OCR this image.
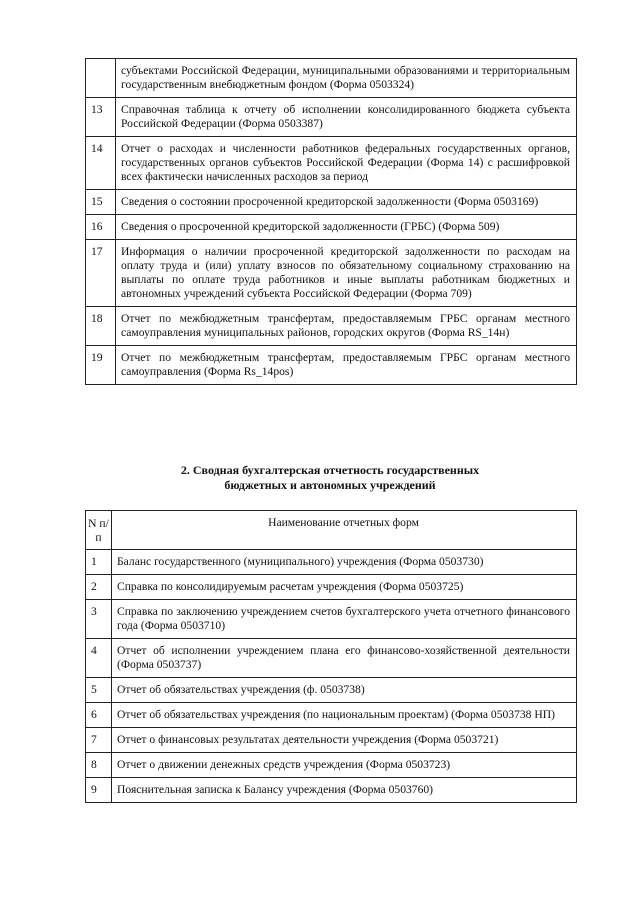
	субъектами Российской Федерации, муниципальными образованиями и территориальным государственным внебюджетным фондом (Форма 0503324)
13	Справочная таблица к отчету об исполнении консолидированного бюджета субъекта Российской Федерации (Форма 0503387)
14	Отчет о расходах и численности работников федеральных государственных органов, государственных органов субъектов Российской Федерации (Форма 14) с расшифровкой всех фактически начисленных расходов за период
15	Сведения о состоянии просроченной кредиторской задолженности (Форма 0503169)
16	Сведения о просроченной кредиторской задолженности (ГРБС) (Форма 509)
17	Информация о наличии просроченной кредиторской задолженности по расходам на оплату труда и (или) уплату взносов по обязательному социальному страхованию на выплаты по оплате труда работников и иные выплаты работникам бюджетных и автономных учреждений субъекта Российской Федерации (Форма 709)
18	Отчет по межбюджетным трансфертам, предоставляемым ГРБС органам местного самоуправления муниципальных районов, городских округов (Форма RS_14н)
19	Отчет по межбюджетным трансфертам, предоставляемым ГРБС органам местного самоуправления (Форма Rs_14pos)
2. Сводная бухгалтерская отчетность государственных
бюджетных и автономных учреждений
N п/п	Наименование отчетных форм
1	Баланс государственного (муниципального) учреждения (Форма 0503730)
2	Справка по консолидируемым расчетам учреждения (Форма 0503725)
3	Справка по заключению учреждением счетов бухгалтерского учета отчетного финансового года (Форма 0503710)
4	Отчет об исполнении учреждением плана его финансово-хозяйственной деятельности (Форма 0503737)
5	Отчет об обязательствах учреждения (ф. 0503738)
6	Отчет об обязательствах учреждения (по национальным проектам) (Форма 0503738 НП)
7	Отчет о финансовых результатах деятельности учреждения (Форма 0503721)
8	Отчет о движении денежных средств учреждения (Форма 0503723)
9	Пояснительная записка к Балансу учреждения (Форма 0503760)
